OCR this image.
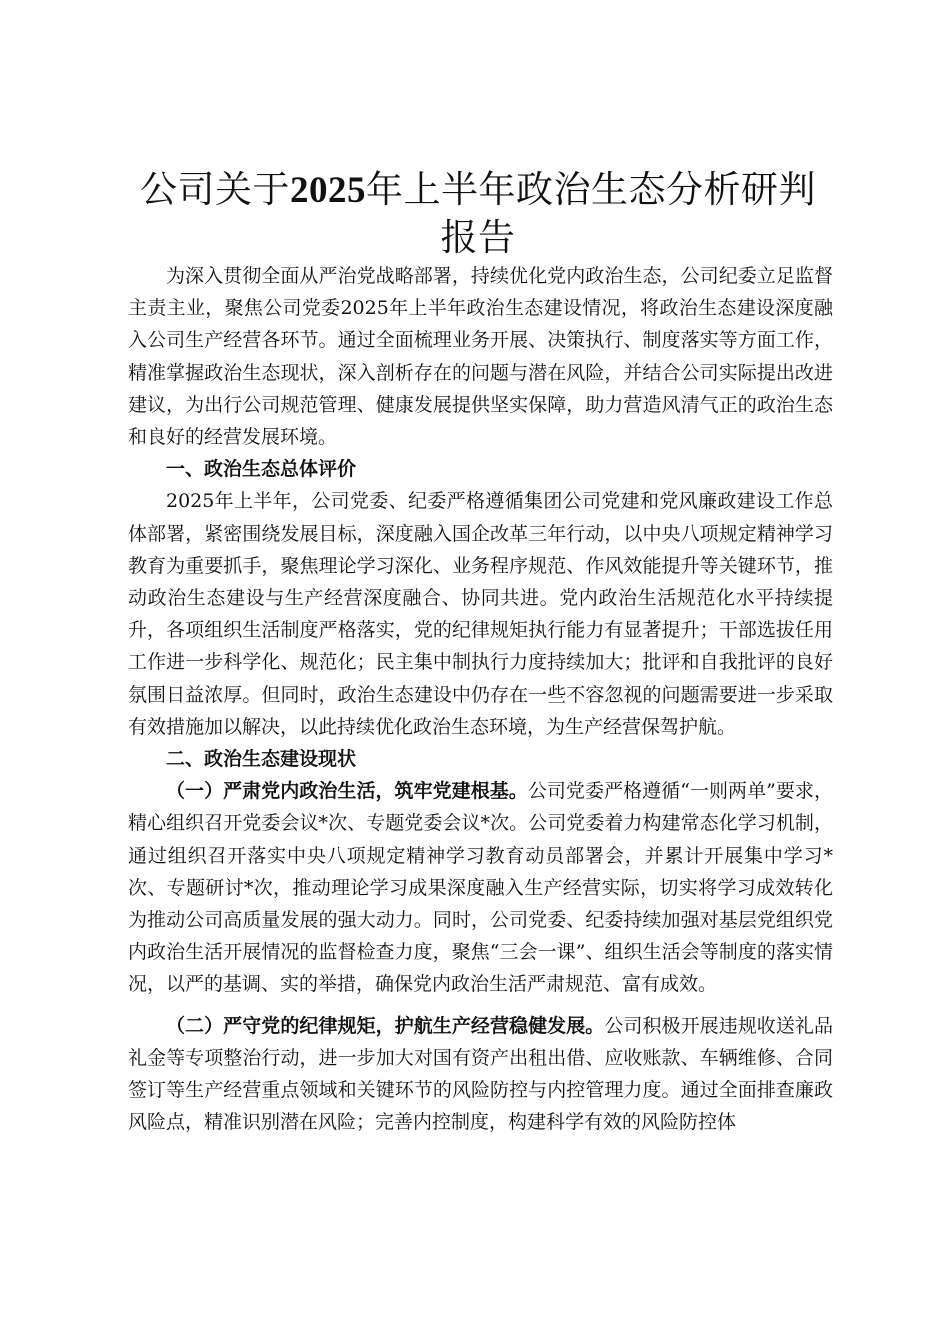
公司关于2025年上半年政治生态分析研判报告

为深入贯彻全面从严治党战略部署，持续优化党内政治生态，公司纪委立足监督主责主业，聚焦公司党委2025年上半年政治生态建设情况，将政治生态建设深度融入公司生产经营各环节。通过全面梳理业务开展、决策执行、制度落实等方面工作，精准掌握政治生态现状，深入剖析存在的问题与潜在风险，并结合公司实际提出改进建议，为出行公司规范管理、健康发展提供坚实保障，助力营造风清气正的政治生态和良好的经营发展环境。

一、政治生态总体评价

2025年上半年，公司党委、纪委严格遵循集团公司党建和党风廉政建设工作总体部署，紧密围绕发展目标，深度融入国企改革三年行动，以中央八项规定精神学习教育为重要抓手，聚焦理论学习深化、业务程序规范、作风效能提升等关键环节，推动政治生态建设与生产经营深度融合、协同共进。党内政治生活规范化水平持续提升，各项组织生活制度严格落实，党的纪律规矩执行能力有显著提升；干部选拔任用工作进一步科学化、规范化；民主集中制执行力度持续加大；批评和自我批评的良好氛围日益浓厚。但同时，政治生态建设中仍存在一些不容忽视的问题需要进一步采取有效措施加以解决，以此持续优化政治生态环境，为生产经营保驾护航。

二、政治生态建设现状

（一）严肃党内政治生活，筑牢党建根基。公司党委严格遵循“一则两单”要求，精心组织召开党委会议*次、专题党委会议*次。公司党委着力构建常态化学习机制，通过组织召开落实中央八项规定精神学习教育动员部署会，并累计开展集中学习*次、专题研讨*次，推动理论学习成果深度融入生产经营实际，切实将学习成效转化为推动公司高质量发展的强大动力。同时，公司党委、纪委持续加强对基层党组织党内政治生活开展情况的监督检查力度，聚焦“三会一课”、组织生活会等制度的落实情况，以严的基调、实的举措，确保党内政治生活严肃规范、富有成效。

（二）严守党的纪律规矩，护航生产经营稳健发展。公司积极开展违规收送礼品礼金等专项整治行动，进一步加大对国有资产出租出借、应收账款、车辆维修、合同签订等生产经营重点领域和关键环节的风险防控与内控管理力度。通过全面排查廉政风险点，精准识别潜在风险；完善内控制度，构建科学有效的风险防控体
